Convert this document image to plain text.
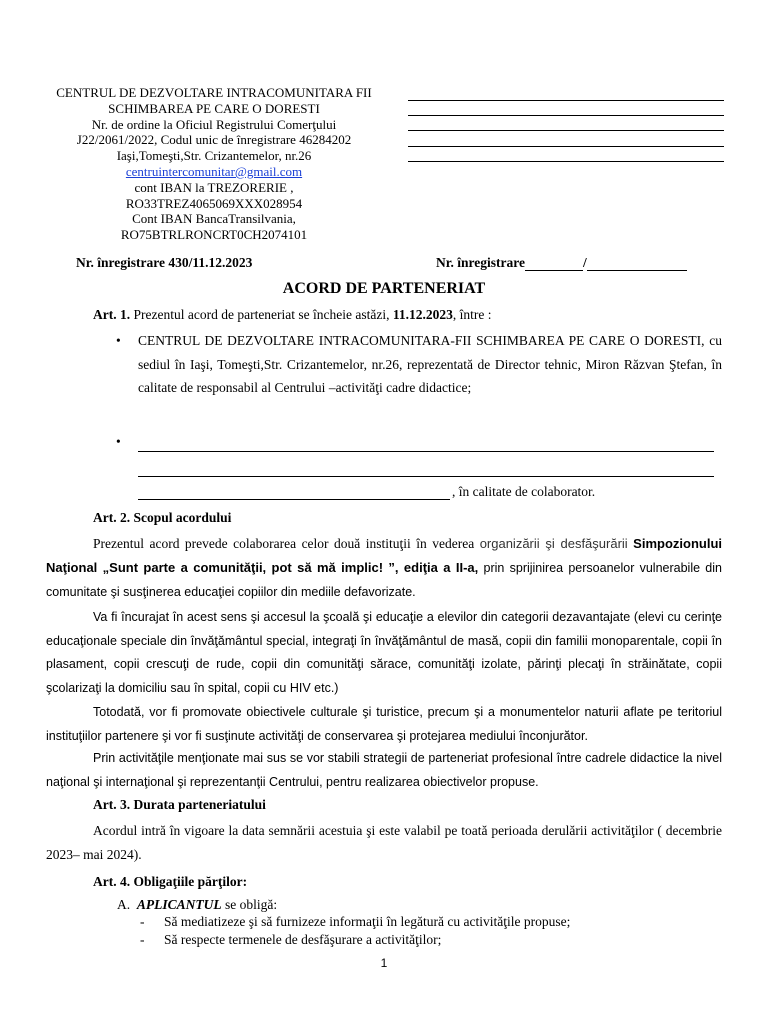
CENTRUL DE DEZVOLTARE INTRACOMUNITARA FII
SCHIMBAREA PE CARE O DORESTI
Nr. de ordine la Oficiul Registrului Comerţului
J22/2061/2022, Codul unic de înregistrare 46284202
Iaşi,Tomeşti,Str. Crizantemelor, nr.26
centruintercomunitar@gmail.com
cont IBAN la TREZORERIE ,
RO33TREZ4065069XXX028954
Cont IBAN BancaTransilvania,
RO75BTRLRONCRT0CH2074101
Nr. înregistrare 430/11.12.2023	Nr. înregistrare	/
ACORD DE PARTENERIAT
Art. 1. Prezentul acord de parteneriat se încheie astăzi, 11.12.2023, între :
• CENTRUL DE DEZVOLTARE INTRACOMUNITARA-FII SCHIMBAREA PE CARE O DORESTI, cu sediul în Iaşi, Tomeşti,Str. Crizantemelor, nr.26, reprezentată de Director tehnic, Miron Răzvan Ştefan, în calitate de responsabil al Centrului –activităţi cadre didactice;
•
, în calitate de colaborator.
Art. 2. Scopul acordului
Prezentul acord prevede colaborarea celor două instituţii în vederea organizării şi desfăşurării Simpozionului Naţional „Sunt parte a comunităţii, pot să mă implic! ”, ediţia a II-a, prin sprijinirea persoanelor vulnerabile din comunitate şi susţinerea educaţiei copiilor din mediile defavorizate.
Va fi încurajat în acest sens şi accesul la şcoală şi educaţie a elevilor din categorii dezavantajate (elevi cu cerinţe educaţionale speciale din învăţământul special, integraţi în învăţământul de masă, copii din familii monoparentale, copii în plasament, copii crescuţi de rude, copii din comunităţi sărace, comunităţi izolate, părinţi plecaţi în străinătate, copii şcolarizaţi la domiciliu sau în spital, copii cu HIV etc.)
Totodată, vor fi promovate obiectivele culturale şi turistice, precum şi a monumentelor naturii aflate pe teritoriul instituţiilor partenere şi vor fi susţinute activităţi de conservarea şi protejarea mediului înconjurător.
Prin activităţile menţionate mai sus se vor stabili strategii de parteneriat profesional între cadrele didactice la nivel naţional şi internaţional şi reprezentanţii Centrului, pentru realizarea obiectivelor propuse.
Art. 3. Durata parteneriatului
Acordul intră în vigoare la data semnării acestuia şi este valabil pe toată perioada derulării activităţilor ( decembrie 2023– mai 2024).
Art. 4. Obligaţiile părţilor:
A. APLICANTUL se obligă:
- Să mediatizeze şi să furnizeze informaţii în legătură cu activităţile propuse;
- Să respecte termenele de desfăşurare a activităţilor;
1
